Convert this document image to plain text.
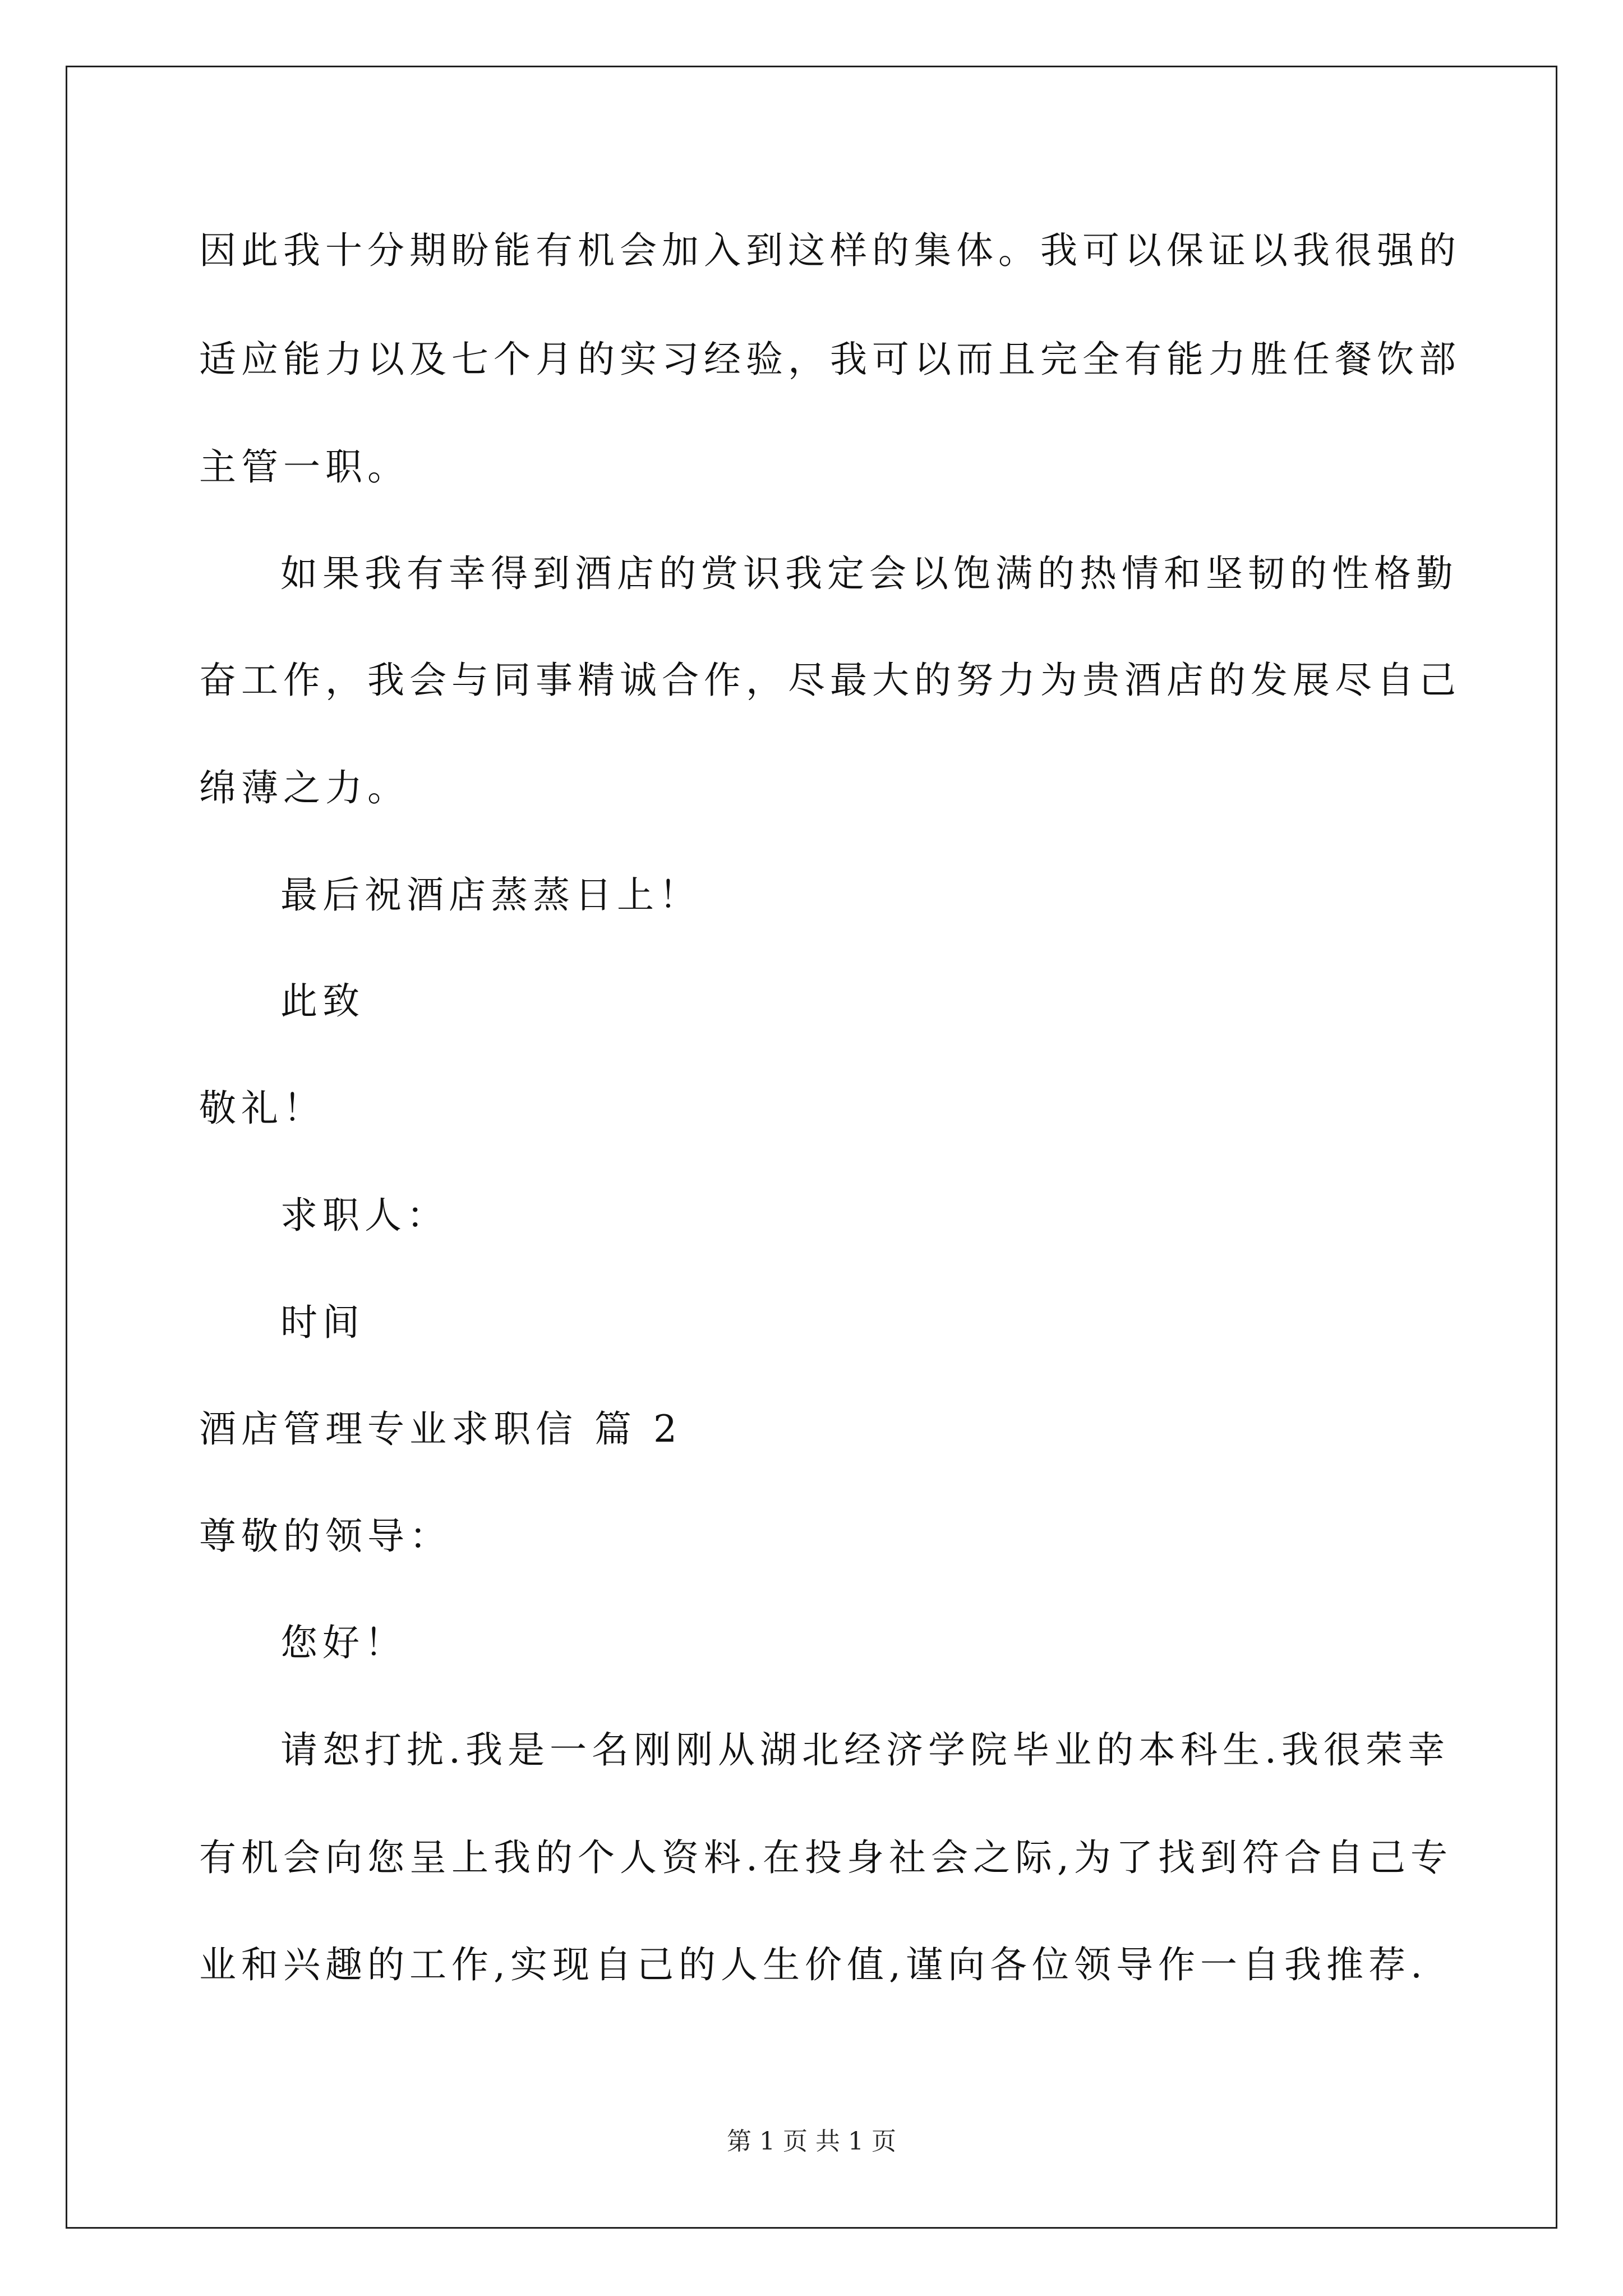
因此我十分期盼能有机会加入到这样的集体。我可以保证以我很强的
适应能力以及七个月的实习经验，我可以而且完全有能力胜任餐饮部
主管一职。
如果我有幸得到酒店的赏识我定会以饱满的热情和坚韧的性格勤
奋工作，我会与同事精诚合作，尽最大的努力为贵酒店的发展尽自己
绵薄之力。
最后祝酒店蒸蒸日上！
此致
敬礼！
求职人：
时间
酒店管理专业求职信 篇 2
尊敬的领导：
您好！
请恕打扰.我是一名刚刚从湖北经济学院毕业的本科生.我很荣幸
有机会向您呈上我的个人资料.在投身社会之际,为了找到符合自己专
业和兴趣的工作,实现自己的人生价值,谨向各位领导作一自我推荐.
第 1 页 共 1 页
